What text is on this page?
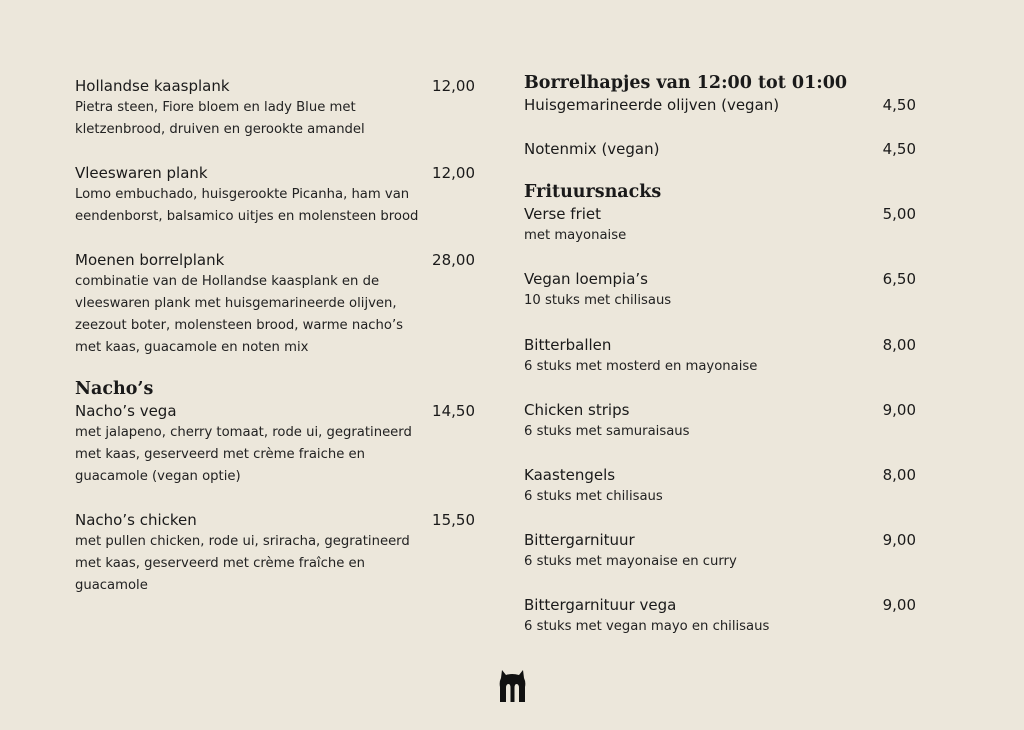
Hollandse kaasplank	12,00
Pietra steen, Fiore bloem en lady Blue met
kletzenbrood, druiven en gerookte amandel
Vleeswaren plank	12,00
Lomo embuchado, huisgerookte Picanha, ham van
eendenborst, balsamico uitjes en molensteen brood
Moenen borrelplank	28,00
combinatie van de Hollandse kaasplank en de
vleeswaren plank met huisgemarineerde olijven,
zeezout boter, molensteen brood, warme nacho’s
met kaas, guacamole en noten mix
Nacho’s
Nacho’s vega	14,50
met jalapeno, cherry tomaat, rode ui, gegratineerd
met kaas, geserveerd met crème fraiche en
guacamole (vegan optie)
Nacho’s chicken	15,50
met pullen chicken, rode ui, sriracha, gegratineerd
met kaas, geserveerd met crème fraîche en
guacamole
Borrelhapjes van 12:00 tot 01:00
Huisgemarineerde olijven (vegan)	4,50
Notenmix (vegan)	4,50
Frituursnacks
Verse friet	5,00
met mayonaise
Vegan loempia’s	6,50
10 stuks met chilisaus
Bitterballen	8,00
6 stuks met mosterd en mayonaise
Chicken strips	9,00
6 stuks met samuraisaus
Kaastengels	8,00
6 stuks met chilisaus
Bittergarnituur	9,00
6 stuks met mayonaise en curry
Bittergarnituur vega	9,00
6 stuks met vegan mayo en chilisaus
